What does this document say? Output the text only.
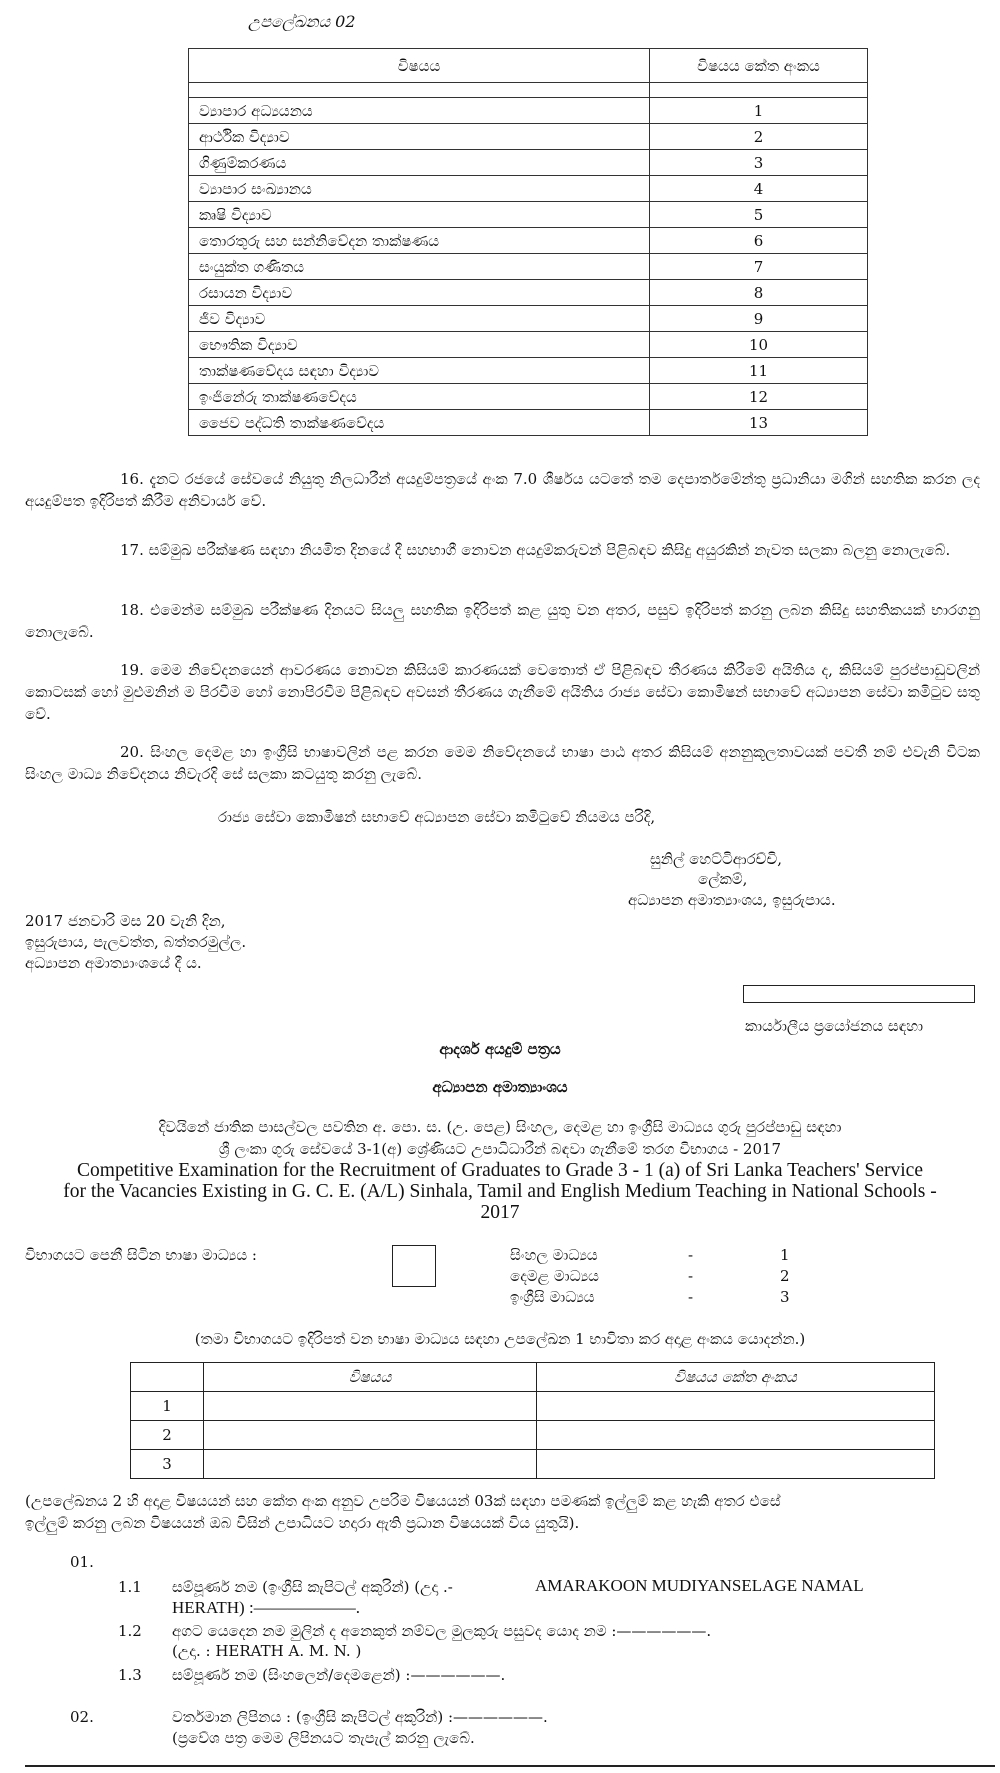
උපලේඛනය 02
විෂයය	විෂයය කේත අංකය

ව්‍යාපාර අධ්‍යයනය	1
ආර්ථික විද්‍යාව	2
ගිණුම්කරණය	3
ව්‍යාපාර සංඛ්‍යානය	4
කෘෂි විද්‍යාව	5
තොරතුරු සහ සන්නිවේදන තාක්ෂණය	6
සංයුක්ත ගණිතය	7
රසායන විද්‍යාව	8
ජීව විද්‍යාව	9
භෞතික විද්‍යාව	10
තාක්ෂණවේදය සඳහා විද්‍යාව	11
ඉංජිනේරු තාක්ෂණවේදය	12
ජෛව පද්ධති තාක්ෂණවේදය	13
16. දැනට රජයේ සේවයේ නියුතු නිලධාරීන් අයදුම්පත්‍රයේ අංක 7.0 ශීර්ෂය යටතේ තම දෙපාර්තමේන්තු ප්‍රධානියා මගින් සහතික කරන ලද අයදුම්පත ඉදිරිපත් කිරීම අනිවාර්ය වේ.
17. සම්මුඛ පරීක්ෂණ සඳහා නියමිත දිනයේ දී සහභාගී නොවන අයදුම්කරුවන් පිළිබඳව කිසිදු අයුරකින් නැවත සලකා බලනු නොලැබේ.
18. එමෙන්ම සම්මුඛ පරීක්ෂණ දිනයට සියලු සහතික ඉදිරිපත් කළ යුතු වන අතර, පසුව ඉදිරිපත් කරනු ලබන කිසිදු සහතිකයක් භාරගනු නොලැබේ.
19. මෙම නිවේදනයෙන් ආවරණය නොවන කිසියම් කාරණයක් වෙතොත් ඒ පිළිබඳව තීරණය කිරීමේ අයිතිය ද, කිසියම් පුරප්පාඩුවලින් කොටසක් හෝ මුළුමනින් ම පිරවීම හෝ නොපිරවීම පිළිබඳව අවසන් තීරණය ගැනීමේ අයිතිය රාජ්‍ය සේවා කොමිෂන් සභාවේ අධ්‍යාපන සේවා කමිටුව සතු වේ.
20. සිංහල දෙමළ හා ඉංග්‍රීසි භාෂාවලින් පළ කරන මෙම නිවේදනයේ භාෂා පාඨ අතර කිසියම් අනනුකූලතාවයක් පවතී නම් එවැනි විටක සිංහල මාධ්‍ය නිවේදනය නිවැරදි සේ සලකා කටයුතු කරනු ලැබේ.
රාජ්‍ය සේවා කොමිෂන් සභාවේ අධ්‍යාපන සේවා කමිටුවේ නියමය පරිදි,
සුනිල් හෙට්ටිආරච්චි,
ලේකම්,
අධ්‍යාපන අමාත්‍යාංශය, ඉසුරුපාය.
2017 ජනවාරි මස 20 වැනි දින,
ඉසුරුපාය, පැලවත්ත, බත්තරමුල්ල.
අධ්‍යාපන අමාත්‍යාංශයේ දී ය.
කාර්යාලීය ප්‍රයෝජනය සඳහා
ආදර්ශ අයදුම් පත්‍රය
අධ්‍යාපන අමාත්‍යාංශය
දිවයිනේ ජාතික පාසල්වල පවතින අ. පො. ස. (උ. පෙළ) සිංහල, දෙමළ හා ඉංග්‍රීසි මාධ්‍යය ගුරු පුරප්පාඩු සඳහා
ශ්‍රී ලංකා ගුරු සේවයේ 3-1(අ) ශ්‍රේණියට උපාධිධාරීන් බඳවා ගැනීමේ තරග විභාගය - 2017
Competitive Examination for the Recruitment of Graduates to Grade 3 - 1 (a) of Sri Lanka Teachers' Service
for the Vacancies Existing in G. C. E. (A/L) Sinhala, Tamil and English Medium Teaching in National Schools -
2017
විභාගයට පෙනී සිටින භාෂා මාධ්‍යය :	සිංහල මාධ්‍යය	-	1
දෙමළ මාධ්‍යය	-	2
ඉංග්‍රීසි මාධ්‍යය	-	3
(තමා විභාගයට ඉදිරිපත් වන භාෂා මාධ්‍යය සඳහා උපලේඛන 1 භාවිතා කර අදාළ අංකය යොදන්න.)
	විෂයය	විෂයය කේත අංකය
1		
2		
3		
(උපලේඛනය 2 හි අදාළ විෂයයන් සහ කේත අංක අනුව උපරිම විෂයයන් 03ක් සඳහා පමණක් ඉල්ලුම් කළ හැකි අතර එසේ
ඉල්ලුම් කරනු ලබන විෂයයන් ඔබ විසින් උපාධියට හදාරා ඇති ප්‍රධාන විෂයයක් විය යුතුයි).
01.
1.1 සම්පූර්ණ නම (ඉංග්‍රීසි කැපිටල් අකුරින්) (උදා .-	AMARAKOON MUDIYANSELAGE NAMAL
HERATH) :——————.
1.2 අගට යෙදෙන නම මුලින් ද අනෙකුත් නම්වල මුලකුරු පසුවද යොද නම :——————.
(උදා. : HERATH A. M. N. )
1.3 සම්පූර්ණ නම (සිංහලෙන්/දෙමළෙන්) :——————.
02.	වර්තමාන ලිපිනය : (ඉංග්‍රීසි කැපිටල් අකුරින්) :——————.
(ප්‍රවේශ පත්‍ර මෙම ලිපිනයට තැපැල් කරනු ලැබේ.
